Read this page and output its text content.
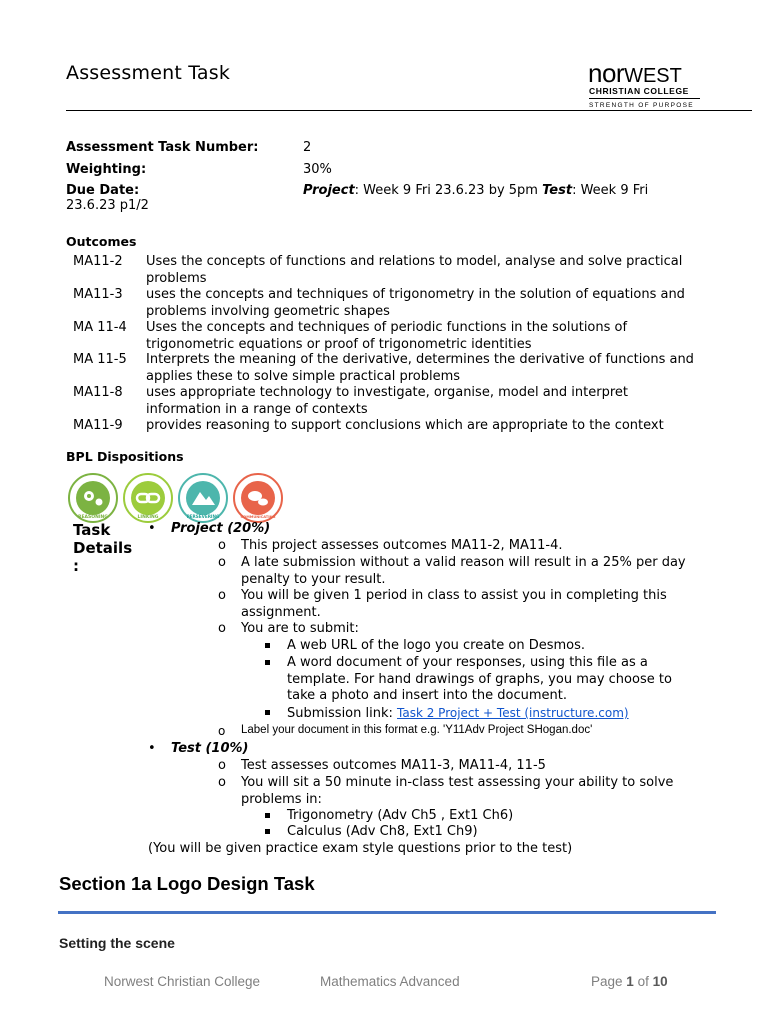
Assessment Task	norWEST
CHRISTIAN COLLEGE
STRENGTH OF PURPOSE
Assessment Task Number:	2
Weighting:	30%
Due Date:	Project: Week 9 Fri 23.6.23 by 5pm Test: Week 9 Fri
23.6.23 p1/2
Outcomes
MA11-2 Uses the concepts of functions and relations to model, analyse and solve practical problems
MA11-3 uses the concepts and techniques of trigonometry in the solution of equations and problems involving geometric shapes
MA 11-4 Uses the concepts and techniques of periodic functions in the solutions of trigonometric equations or proof of trigonometric identities
MA 11-5 Interprets the meaning of the derivative, determines the derivative of functions and applies these to solve simple practical problems
MA11-8 uses appropriate technology to investigate, organise, model and interpret information in a range of contexts
MA11-9 provides reasoning to support conclusions which are appropriate to the context
BPL Dispositions
REASONING	LINKING	PERSEVERING	COMMUNICATING
Task Details :
• Project (20%)
o This project assesses outcomes MA11-2, MA11-4.
o A late submission without a valid reason will result in a 25% per day penalty to your result.
o You will be given 1 period in class to assist you in completing this assignment.
o You are to submit:
A web URL of the logo you create on Desmos.
A word document of your responses, using this file as a template. For hand drawings of graphs, you may choose to take a photo and insert into the document.
Submission link: Task 2 Project + Test (instructure.com)
o Label your document in this format e.g. 'Y11Adv Project SHogan.doc'
• Test (10%)
o Test assesses outcomes MA11-3, MA11-4, 11-5
o You will sit a 50 minute in-class test assessing your ability to solve problems in:
Trigonometry (Adv Ch5 , Ext1 Ch6)
Calculus (Adv Ch8, Ext1 Ch9)
(You will be given practice exam style questions prior to the test)
Section 1a Logo Design Task
Setting the scene
Norwest Christian College	Mathematics Advanced	Page 1 of 10
